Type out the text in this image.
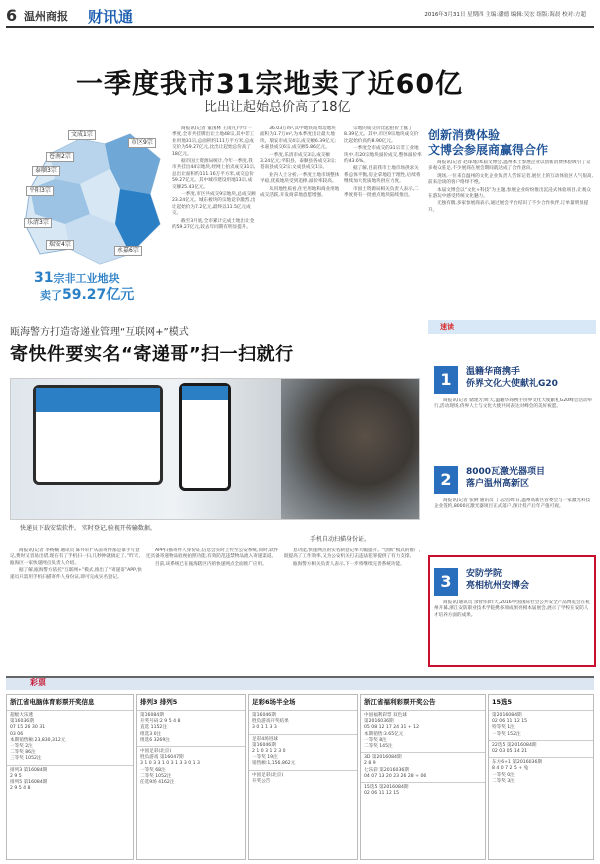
6 温州商报 财讯通	2016年3月31日 星期四 主编:潘德 编辑:吴宏 组版:海晨 校对:方超
一季度我市31宗地卖了近60亿
比出让起始总价高了18亿
文成1宗
市区9宗
苍南2宗
泰顺3宗
平阳3宗
乐清3宗
瑞安4宗
永嘉6宗
31宗非工业地块
卖了59.27亿元

商报讯(记者 董国林 王雨凡)今年一季度,全市共挂牌出让土地48宗,其中非工业用地31宗,总面积约111万平方米,总成交价为59.27亿元,比出让起始总价高了18亿元。

据市国土资源局统计,今年一季度,我市共挂出44宗地块,经网上拍卖成交31宗,总出让面积约111.16万平方米,成交总价59.27亿元。其中城市建设用地13宗,成交额25.43亿元。

一季度,市区共成交9宗地块,总成交额23.24亿元。城东板块的宗地竞争激烈,出让起始价为7.2亿元,最终以11.5亿元成交。

截至3月底,全市累计完成土地出让金约59.27亿元,较去年同期有明显提升。

36.03万m²,其中地铁站周边地块面积为1.7万m²,为本季度出让最大地块。瑞安市成交4宗,成交额6.39亿元;永嘉县成交6宗,成交额5.86亿元。

一季度,乐清市成交3宗,成交额3.24亿元;平阳县、泰顺县各成交3宗;苍南县成交2宗;文成县成交1宗。

业内人士分析,一季度土地市场整体平稳,优质地块受到追捧,溢价率较高。

从用地性质看,住宅用地和商业用地成交活跃,开发商拿地意愿增强。

宗地的成交价比起拍价上涨了8.39亿元。其中,市区9宗地块成交价比起始价高约8.90亿元。

一季度全市成交的31宗非工业地块中,有20宗地块溢价成交,整体溢价率约43.6%。

据了解,目前我市土地市场供求关系总体平衡,房企拿地趋于理性,后续将继续加大优质地块供应力度。

市国土资源局相关负责人表示,二季度将有一批重点地块陆续推出。

创新消费体验
文博会参展商赢得合作

商报讯(记者 赵琛瑾)本届文博会,温州本土参展企业以创新消费体验吸引了众多观众驻足,不少展商在展会期间就达成了合作意向。

现场,一位来自温州的文化企业负责人告诉记者,展位上的互动体验区人气很高,前来洽谈的客户络绎不绝。

本届文博会以“文化+科技”为主题,参展企业纷纷推出沉浸式体验项目,让观众在游玩中感受传统文化魅力。

无独有偶,多家参展商表示,通过展会平台结识了不少合作伙伴,订单量明显提升。

速读
1	温籍华商携手
侨界文化大使献礼G20

商报讯(记者 储建芳)昨天,温籍华商携手侨界文化大使献礼G20峰会活动举行,活动现场,侨界人士与文化大使共同表达对峰会的美好祝愿。

2	8000瓦激光器项目
落户温州高新区

商报讯(记者 张俐 通讯员 丁志浩)昨日,温州高新区管委会与一家激光科技企业签约,8000瓦激光器项目正式落户,预计投产后年产值可观。

3	安防学院
亮相杭州安博会

商报讯(通讯员 余智伟)昨天,2016中国国际社会公共安全产品博览会在杭州开幕,浙江安防职业技术学院携多项成果亮相本届展会,展示了学校在安防人才培养方面的成果。

瓯海警方打造寄递业管理“互联网+”模式
寄快件要实名“寄递哥”扫一扫就行
快递员下载安装软件。 实时登记,验视开传输数据。
手机自动扫描身份证。

商报讯(记者 李杨楠 通讯员 陈井轩)“从前寄件都是靠手写登记,费时又容易出错,现在有了手机扫一扫,几秒钟就搞定了。”昨天,瓯海区一家快递网点负责人介绍。

据了解,瓯海警方依托“互联网+”模式,推出了“寄递哥”APP,快递员只需用手机扫描寄件人身份证,即可完成实名登记。

APP扫描寄件人身份证,信息会实时上传至公安系统,同时,软件还具备寄递物品验视拍照功能,有效防范违禁物品流入寄递渠道。

目前,该系统已在瓯海辖区内的快递网点全面推广应用。

息功能,快递网点的实名制登记率大幅提升。“创新”模式的推广,既提高了工作效率,又为公安机关打击违法犯罪提供了有力支撑。

瓯海警方相关负责人表示,下一步将继续完善系统功能。

彩票
浙江省电脑体育彩票开奖信息
超级大乐透
第16036期
07 15 26 30 31
03 06
本期销售额:23,830,312元
一等奖 2注
二等奖 86注
三等奖 1052注
排列3 第16084期
2 9 5
排列5 第16084期
2 9 5 4 8
排列3 排列5
第16084期
开奖号码:2 9 5 4 8
直选 1152注
组选3 0注
组选6 3269注
中国足彩(北京)
胜负游戏 第16047期
3 1 0 3 3 1 0 3 1 3 3 0 1 3
一等奖 68注
二等奖 1052注
任选9场 4162注
足彩6场半全场
第16046期
胜负游戏开奖结果
3 0 1 1 3 3
足彩4场进球
第16046期
2 1 0 3 1 2 3 0
一等奖 19注
销售额:1,156,862元
中国足彩(北京)
开奖公告
浙江省福利彩票开奖公告
中国福利彩票 双色球
第2016036期
05 08 12 17 24 31 + 12
本期销售:3.65亿元
一等奖 8注
二等奖 145注
3D 第2016084期
2 8 9
七乐彩 第2016036期
04 07 13 20 23 26 28 + 06
15选5 第2016084期
02 06 11 12 15
15选5
第2016084期
02 06 11 12 15
特等奖 1注
一等奖 152注
22选5 第2016084期
02 03 05 14 21
东方6+1 第2016036期
8 4 0 7 2 5 + 兔
一等奖 0注
二等奖 3注
